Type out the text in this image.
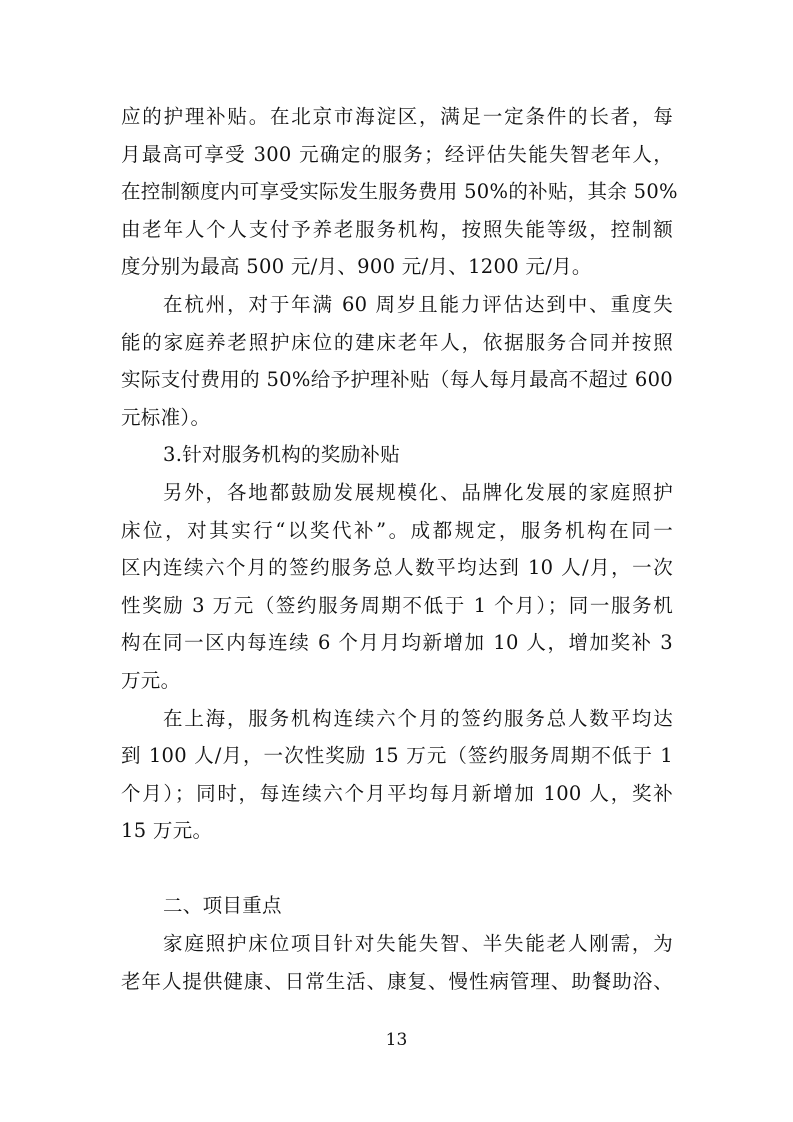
应的护理补贴。在北京市海淀区，满足一定条件的长者，每
月最高可享受 300 元确定的服务；经评估失能失智老年人，
在控制额度内可享受实际发生服务费用 50%的补贴，其余 50%
由老年人个人支付予养老服务机构，按照失能等级，控制额
度分别为最高 500 元/月、900 元/月、1200 元/月。
在杭州，对于年满 60 周岁且能力评估达到中、重度失
能的家庭养老照护床位的建床老年人，依据服务合同并按照
实际支付费用的 50%给予护理补贴（每人每月最高不超过 600
元标准）。
3.针对服务机构的奖励补贴
另外，各地都鼓励发展规模化、品牌化发展的家庭照护
床位，对其实行“以奖代补”。成都规定，服务机构在同一
区内连续六个月的签约服务总人数平均达到 10 人/月，一次
性奖励 3 万元（签约服务周期不低于 1 个月）；同一服务机
构在同一区内每连续 6 个月月均新增加 10 人，增加奖补 3
万元。
在上海，服务机构连续六个月的签约服务总人数平均达
到 100 人/月，一次性奖励 15 万元（签约服务周期不低于 1
个月）；同时，每连续六个月平均每月新增加 100 人，奖补
15 万元。
二、项目重点
家庭照护床位项目针对失能失智、半失能老人刚需，为
老年人提供健康、日常生活、康复、慢性病管理、助餐助浴、
13
